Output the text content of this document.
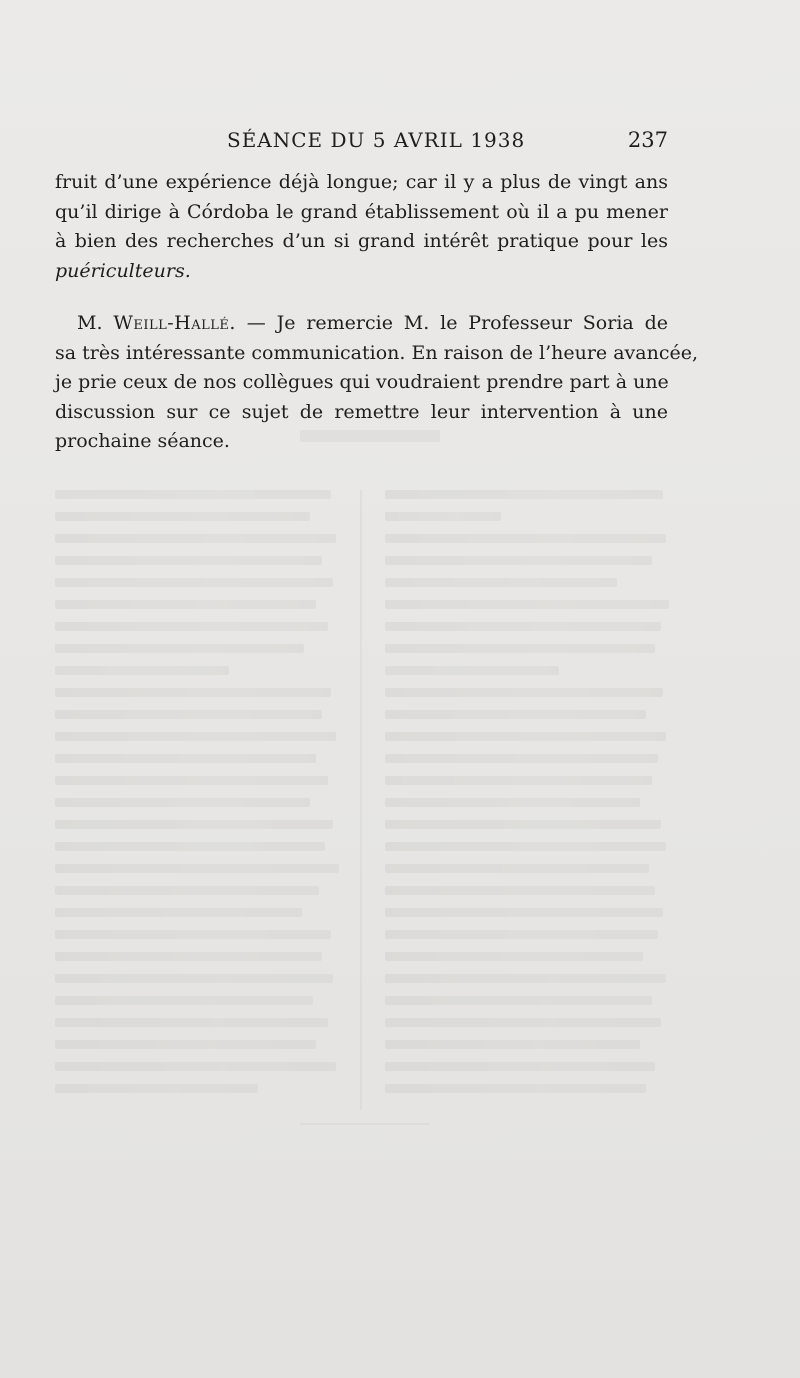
SÉANCE DU 5 AVRIL 1938	237
fruit d’une expérience déjà longue; car il y a plus de vingt ans
qu’il dirige à Córdoba le grand établissement où il a pu mener
à bien des recherches d’un si grand intérêt pratique pour les
puériculteurs.
M. Weill-Hallé. — Je remercie M. le Professeur Soria de
sa très intéressante communication. En raison de l’heure avancée,
je prie ceux de nos collègues qui voudraient prendre part à une
discussion sur ce sujet de remettre leur intervention à une
prochaine séance.
